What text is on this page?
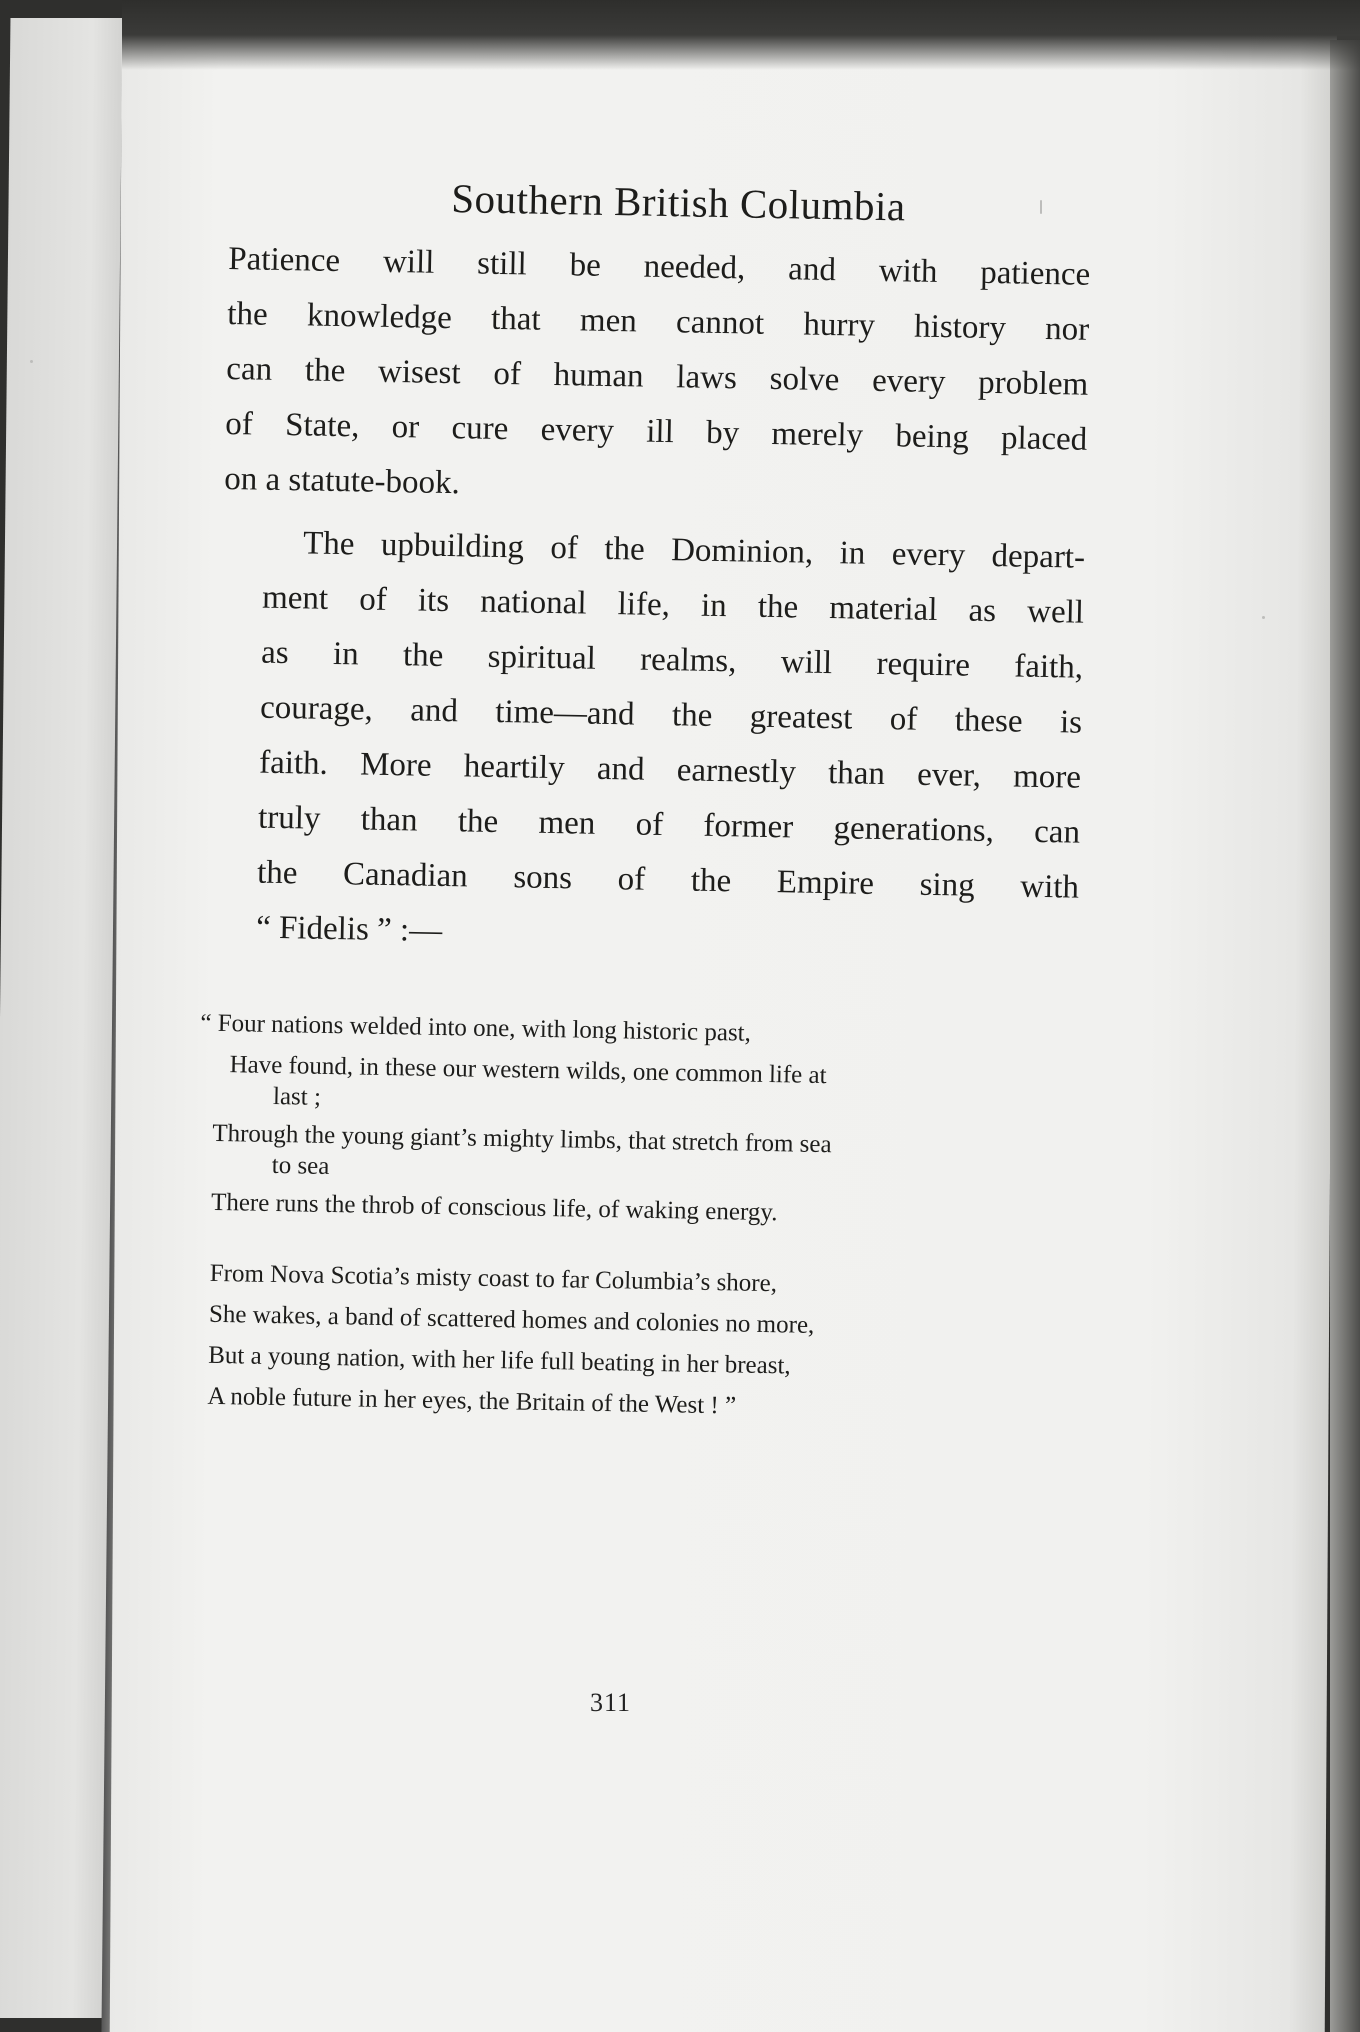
Southern British Columbia

Patience will still be needed, and with patience
the knowledge that men cannot hurry history nor
can the wisest of human laws solve every problem
of State, or cure every ill by merely being placed
on a statute-book.

The upbuilding of the Dominion, in every depart-
ment of its national life, in the material as well
as in the spiritual realms, will require faith,
courage, and time—and the greatest of these is
faith. More heartily and earnestly than ever, more
truly than the men of former generations, can
the Canadian sons of the Empire sing with
“ Fidelis ” :—

“ Four nations welded into one, with long historic past,
Have found, in these our western wilds, one common life at
last ;
Through the young giant’s mighty limbs, that stretch from sea
to sea
There runs the throb of conscious life, of waking energy.
From Nova Scotia’s misty coast to far Columbia’s shore,
She wakes, a band of scattered homes and colonies no more,
But a young nation, with her life full beating in her breast,
A noble future in her eyes, the Britain of the West ! ”
311
